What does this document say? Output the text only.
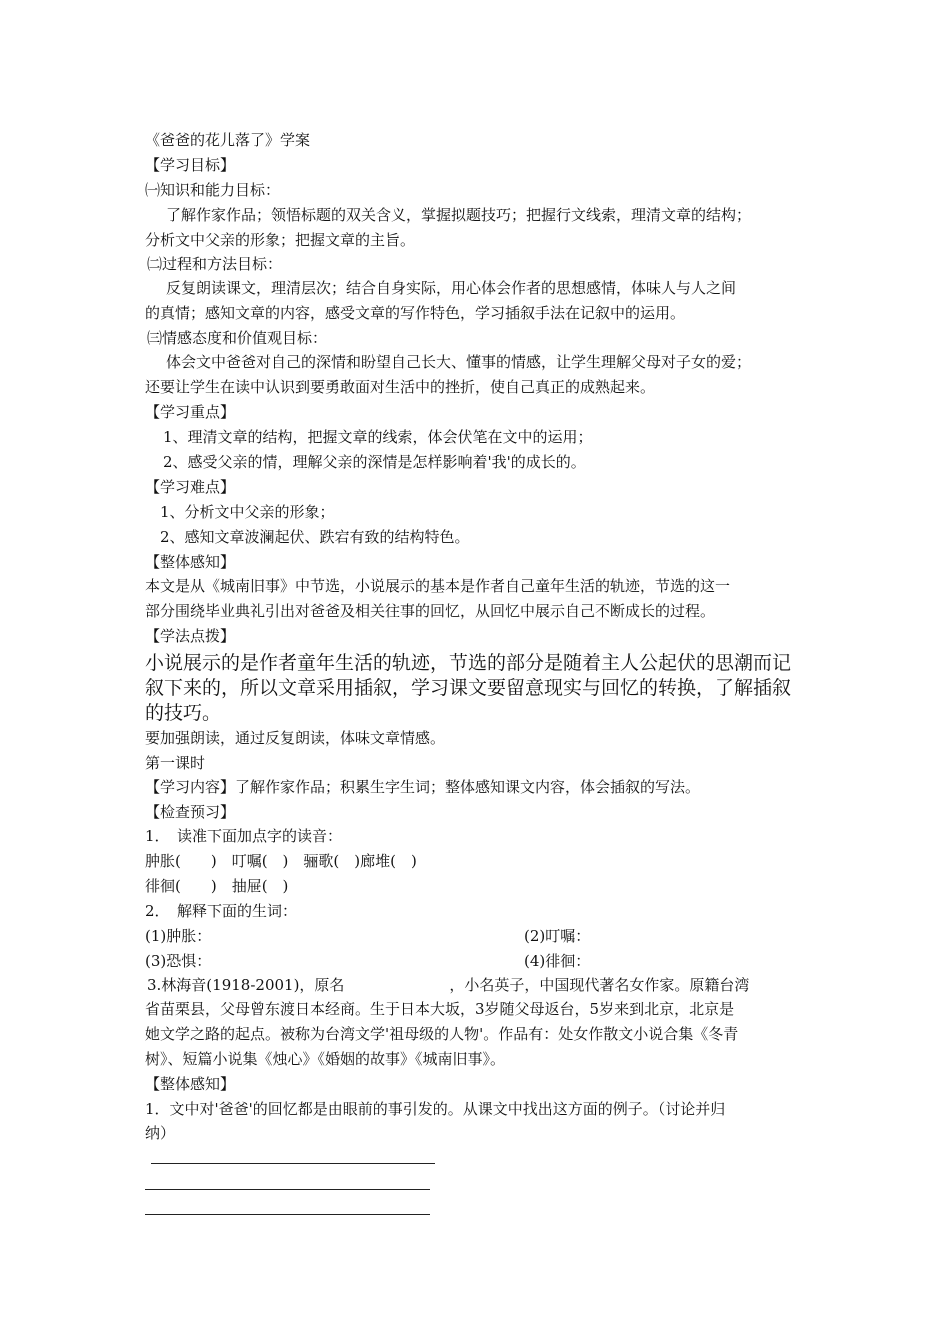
《爸爸的花儿落了》学案
【学习目标】
㈠知识和能力目标：
了解作家作品；领悟标题的双关含义，掌握拟题技巧；把握行文线索，理清文章的结构；
分析文中父亲的形象；把握文章的主旨。
㈡过程和方法目标：
反复朗读课文，理清层次；结合自身实际，用心体会作者的思想感情，体味人与人之间
的真情；感知文章的内容，感受文章的写作特色，学习插叙手法在记叙中的运用。
㈢情感态度和价值观目标：
体会文中爸爸对自己的深情和盼望自己长大、懂事的情感，让学生理解父母对子女的爱；
还要让学生在读中认识到要勇敢面对生活中的挫折，使自己真正的成熟起来。
【学习重点】
1、理清文章的结构，把握文章的线索，体会伏笔在文中的运用；
2、感受父亲的情，理解父亲的深情是怎样影响着'我'的成长的。
【学习难点】
1、分析文中父亲的形象；
2、感知文章波澜起伏、跌宕有致的结构特色。
【整体感知】
本文是从《城南旧事》中节选，小说展示的基本是作者自己童年生活的轨迹，节选的这一
部分围绕毕业典礼引出对爸爸及相关往事的回忆，从回忆中展示自己不断成长的过程。
【学法点拨】
小说展示的是作者童年生活的轨迹，节选的部分是随着主人公起伏的思潮而记
叙下来的，所以文章采用插叙，学习课文要留意现实与回忆的转换，了解插叙
的技巧。
要加强朗读，通过反复朗读，体味文章情感。
第一课时
【学习内容】了解作家作品；积累生字生词；整体感知课文内容，体会插叙的写法。
【检查预习】
1．　读准下面加点字的读音：
肿胀(　　)　叮嘱(　)　骊歌(　)廊堆(　)
徘徊(　　)　抽屉(　)
2．　解释下面的生词：
(1)肿胀：	(2)叮嘱：
(3)恐惧：	(4)徘徊：
3.林海音(1918-2001)，原名　　　　　　　，小名英子，中国现代著名女作家。原籍台湾
省苗栗县，父母曾东渡日本经商。生于日本大坂，3岁随父母返台，5岁来到北京，北京是
她文学之路的起点。被称为台湾文学'祖母级的人物'。作品有：处女作散文小说合集《冬青
树》、短篇小说集《烛心》《婚姻的故事》《城南旧事》。
【整体感知】
1．文中对'爸爸'的回忆都是由眼前的事引发的。从课文中找出这方面的例子。（讨论并归
纳）
